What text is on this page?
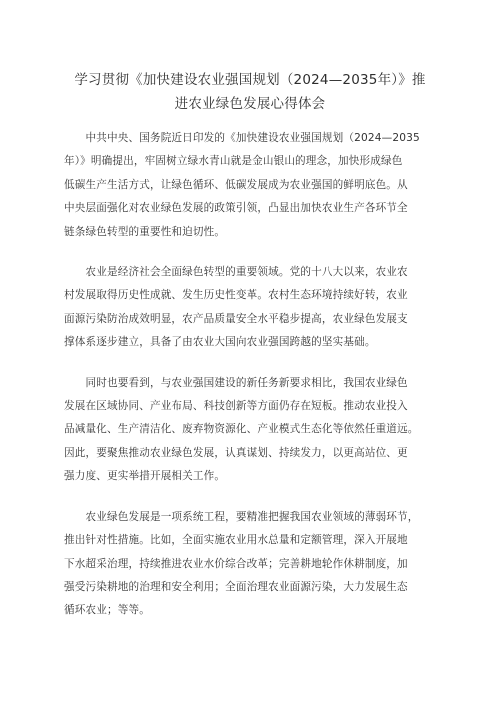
学习贯彻《加快建设农业强国规划（2024—2035年）》推
进农业绿色发展心得体会

　　中共中央、国务院近日印发的《加快建设农业强国规划（2024—2035
年）》明确提出，牢固树立绿水青山就是金山银山的理念，加快形成绿色
低碳生产生活方式，让绿色循环、低碳发展成为农业强国的鲜明底色。从
中央层面强化对农业绿色发展的政策引领，凸显出加快农业生产各环节全
链条绿色转型的重要性和迫切性。

　　农业是经济社会全面绿色转型的重要领域。党的十八大以来，农业农
村发展取得历史性成就、发生历史性变革。农村生态环境持续好转，农业
面源污染防治成效明显，农产品质量安全水平稳步提高，农业绿色发展支
撑体系逐步建立，具备了由农业大国向农业强国跨越的坚实基础。

　　同时也要看到，与农业强国建设的新任务新要求相比，我国农业绿色
发展在区域协同、产业布局、科技创新等方面仍存在短板。推动农业投入
品减量化、生产清洁化、废弃物资源化、产业模式生态化等依然任重道远。
因此，要聚焦推动农业绿色发展，认真谋划、持续发力，以更高站位、更
强力度、更实举措开展相关工作。

　　农业绿色发展是一项系统工程，要精准把握我国农业领域的薄弱环节，
推出针对性措施。比如，全面实施农业用水总量和定额管理，深入开展地
下水超采治理，持续推进农业水价综合改革；完善耕地轮作休耕制度，加
强受污染耕地的治理和安全利用；全面治理农业面源污染，大力发展生态
循环农业；等等。
